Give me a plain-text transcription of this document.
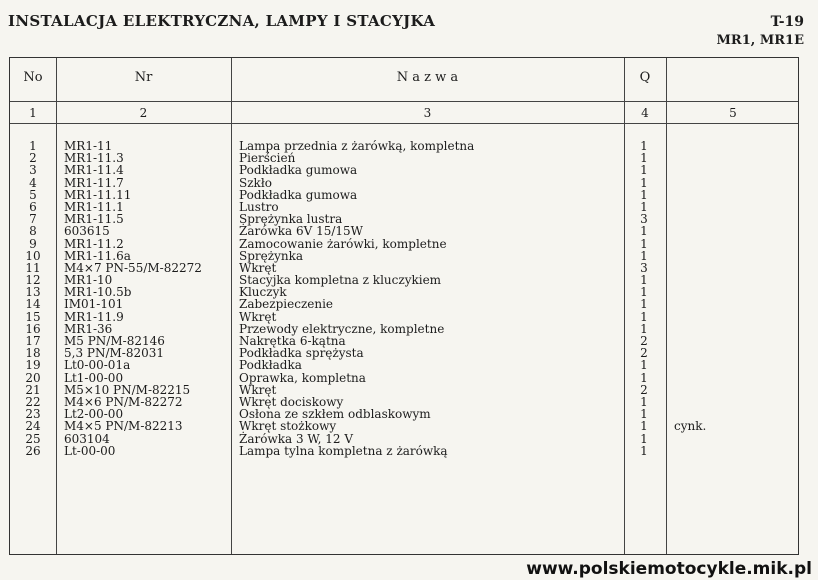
INSTALACJA ELEKTRYCZNA, LAMPY I STACYJKA	T-19
MR1, MR1E
No	Nr	N a z w a	Q
1	2	3	4	5
1	MR1-11	Lampa przednia z żarówką, kompletna	1
2	MR1-11.3	Pierścień	1
3	MR1-11.4	Podkładka gumowa	1
4	MR1-11.7	Szkło	1
5	MR1-11.11	Podkładka gumowa	1
6	MR1-11.1	Lustro	1
7	MR1-11.5	Sprężynka lustra	3
8	603615	Żarówka 6V 15/15W	1
9	MR1-11.2	Zamocowanie żarówki, kompletne	1
10	MR1-11.6a	Sprężynka	1
11	M4×7 PN-55/M-82272	Wkręt	3
12	MR1-10	Stacyjka kompletna z kluczykiem	1
13	MR1-10.5b	Kluczyk	1
14	IM01-101	Zabezpieczenie	1
15	MR1-11.9	Wkręt	1
16	MR1-36	Przewody elektryczne, kompletne	1
17	M5 PN/M-82146	Nakrętka 6-kątna	2
18	5,3 PN/M-82031	Podkładka sprężysta	2
19	Lt0-00-01a	Podkładka	1
20	Lt1-00-00	Oprawka, kompletna	1
21	M5×10 PN/M-82215	Wkręt	2
22	M4×6 PN/M-82272	Wkręt dociskowy	1
23	Lt2-00-00	Osłona ze szkłem odblaskowym	1
24	M4×5 PN/M-82213	Wkręt stożkowy	1	cynk.
25	603104	Żarówka 3 W, 12 V	1
26	Lt-00-00	Lampa tylna kompletna z żarówką	1
www.polskiemotocykle.mik.pl
